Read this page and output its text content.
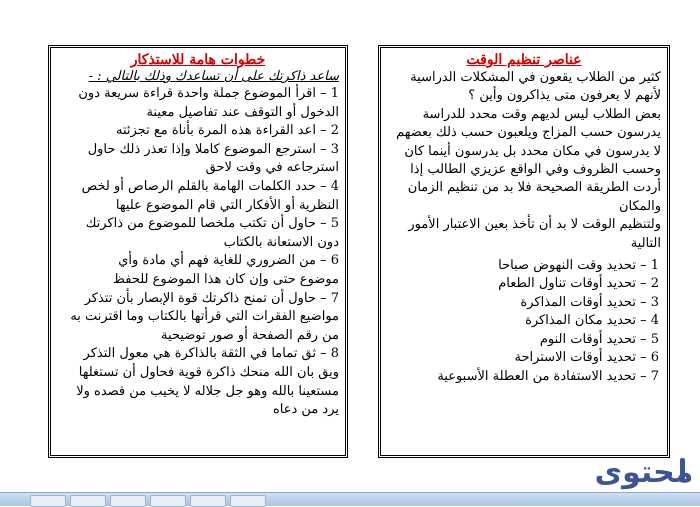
خطوات هامة للاستذكار
ساعد ذاكرتك على أن تساعدك وذلك بالتالي : -
1 – اقرأ الموضوع جملة واحدة قراءة سريعة دون
الدخول أو التوقف عند تفاصيل معينة
2 – اعد القراءة هذه المرة بأناة مع تجزئته
3 – استرجع الموضوع كاملا وإذا تعذر ذلك حاول
استرجاعه في وقت لاحق
4 – حدد الكلمات الهامة بالقلم الرصاص أو لخص
النظرية أو الأفكار التي قام الموضوع عليها
5 – حاول أن تكتب ملخصا للموضوع من ذاكرتك
دون الاستعانة بالكتاب
6 – من الضروري للغاية فهم أي مادة وأي
موضوع حتى وإن كان هذا الموضوع للحفظ
7 – حاول أن تمنح ذاكرتك قوة الإبصار بأن تتذكر
مواضيع الفقرات التي قرأتها بالكتاب وما اقترنت به
من رقم الصفحة أو صور توضيحية
8 – ثق تماما في الثقة بالذاكرة هي معول التذكر
ويق بان الله منحك ذاكرة قوية فحاول أن تستغلها
مستعينا بالله وهو جل جلاله لا يخيب من قصده ولا
يرد من دعاه
عناصر تنظيم الوقت
كثير من الطلاب يقعون في المشكلات الدراسية
لأنهم لا يعرفون متى يذاكرون وأين ؟
بعض الطلاب ليس لديهم وقت محدد للدراسة
يدرسون حسب المزاج ويلعبون حسب ذلك بعضهم
لا يدرسون في مكان محدد بل يدرسون أينما كان
وحسب الظروف وفي الواقع عزيزي الطالب إذا
أردت الطريقة الصحيحة فلا بد من تنظيم الزمان
والمكان
ولتنظيم الوقت لا بد أن تأخذ بعين الاعتبار الأمور
التالية
1 – تحديد وقت النهوض صباحا
2 – تحديد أوقات تناول الطعام
3 – تحديد أوقات المذاكرة
4 – تحديد مكان المذاكرة
5 – تحديد أوقات النوم
6 – تحديد أوقات الاستراحة
7 – تحديد الاستفادة من العطلة الأسبوعية
محتوى
